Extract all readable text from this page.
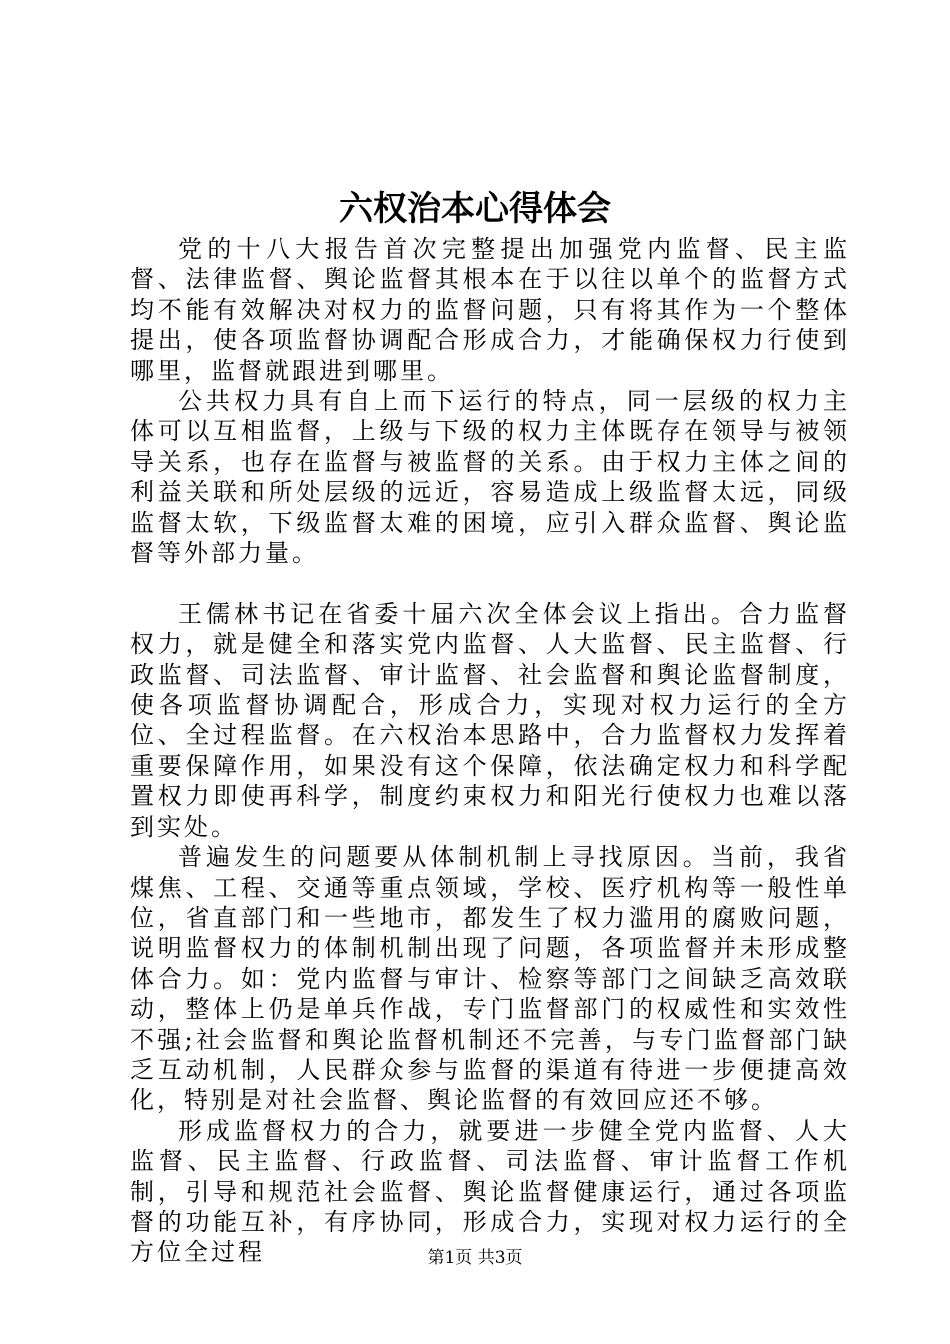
六权治本心得体会

党的十八大报告首次完整提出加强党内监督、民主监督、法律监督、舆论监督其根本在于以往以单个的监督方式均不能有效解决对权力的监督问题，只有将其作为一个整体提出，使各项监督协调配合形成合力，才能确保权力行使到哪里，监督就跟进到哪里。

公共权力具有自上而下运行的特点，同一层级的权力主体可以互相监督，上级与下级的权力主体既存在领导与被领导关系，也存在监督与被监督的关系。由于权力主体之间的利益关联和所处层级的远近，容易造成上级监督太远，同级监督太软，下级监督太难的困境，应引入群众监督、舆论监督等外部力量。

王儒林书记在省委十届六次全体会议上指出。合力监督权力，就是健全和落实党内监督、人大监督、民主监督、行政监督、司法监督、审计监督、社会监督和舆论监督制度，使各项监督协调配合，形成合力，实现对权力运行的全方位、全过程监督。在六权治本思路中，合力监督权力发挥着重要保障作用，如果没有这个保障，依法确定权力和科学配置权力即使再科学，制度约束权力和阳光行使权力也难以落到实处。

普遍发生的问题要从体制机制上寻找原因。当前，我省煤焦、工程、交通等重点领域，学校、医疗机构等一般性单位，省直部门和一些地市，都发生了权力滥用的腐败问题，说明监督权力的体制机制出现了问题，各项监督并未形成整体合力。如：党内监督与审计、检察等部门之间缺乏高效联动，整体上仍是单兵作战，专门监督部门的权威性和实效性不强;社会监督和舆论监督机制还不完善，与专门监督部门缺乏互动机制，人民群众参与监督的渠道有待进一步便捷高效化，特别是对社会监督、舆论监督的有效回应还不够。

形成监督权力的合力，就要进一步健全党内监督、人大监督、民主监督、行政监督、司法监督、审计监督工作机制，引导和规范社会监督、舆论监督健康运行，通过各项监督的功能互补，有序协同，形成合力，实现对权力运行的全方位全过程	第1页 共3页
